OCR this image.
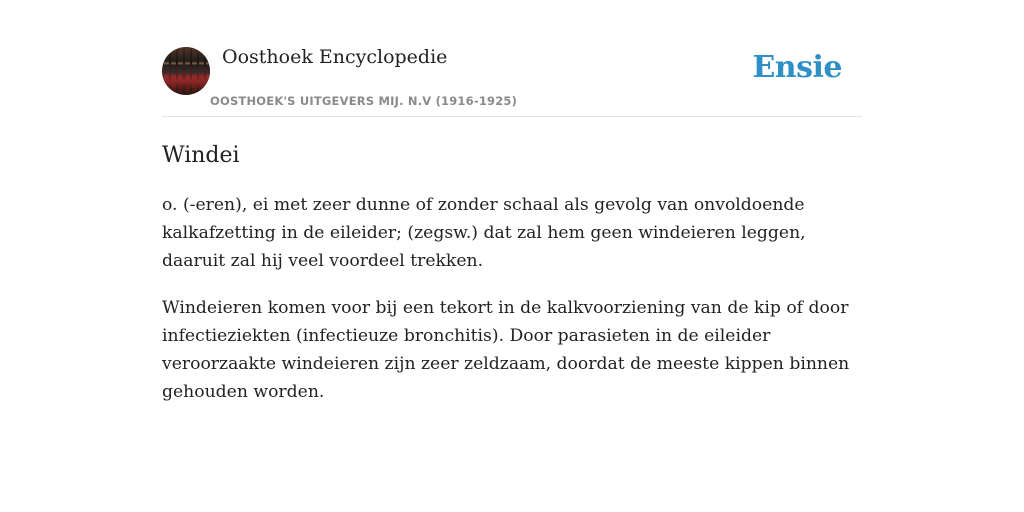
Oosthoek Encyclopedie
OOSTHOEK'S UITGEVERS MIJ. N.V (1916-1925)
Ensie
Windei

o. (-eren), ei met zeer dunne of zonder schaal als gevolg van onvoldoende kalkafzetting in de eileider; (zegsw.) dat zal hem geen windeieren leggen, daaruit zal hij veel voordeel trekken.

Windeieren komen voor bij een tekort in de kalkvoorziening van de kip of door infectieziekten (infectieuze bronchitis). Door parasieten in de eileider veroorzaakte windeieren zijn zeer zeldzaam, doordat de meeste kippen binnen gehouden worden.
